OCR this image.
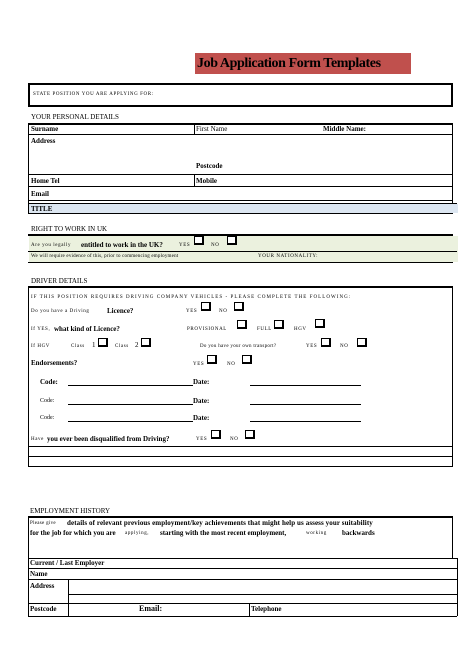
Job Application Form Templates
STATE POSITION YOU ARE APPLYING FOR:
YOUR PERSONAL DETAILS
Surname	First Name	Middle Name:
Address
Postcode
Home Tel	Mobile
Email
TITLE
RIGHT TO WORK IN UK
Are you legally entitled to work in the UK?	YES	NO
We will require evidence of this, prior to commencing employment	YOUR NATIONALITY:
DRIVER DETAILS
IF THIS POSITION REQUIRES DRIVING COMPANY VEHICLES - PLEASE COMPLETE THE FOLLOWING:
Do you have a Driving	Licence?	YES	NO
If YES, what kind of Licence?	PROVISIONAL	FULL	HGV
If HGV	Class 1	Class 2	Do you have your own transport?	YES	NO
Endorsements?	YES	NO
Code:	Date:
Code:	Date:
Code:	Date:
Have you ever been disqualified from Driving?	YES	NO
EMPLOYMENT HISTORY
Please give details of relevant previous employment/key achievements that might help us assess your suitability
for the job for which you are applying, starting with the most recent employment,	working backwards
Current / Last Employer
Name
Address
Postcode	Email:	Telephone
